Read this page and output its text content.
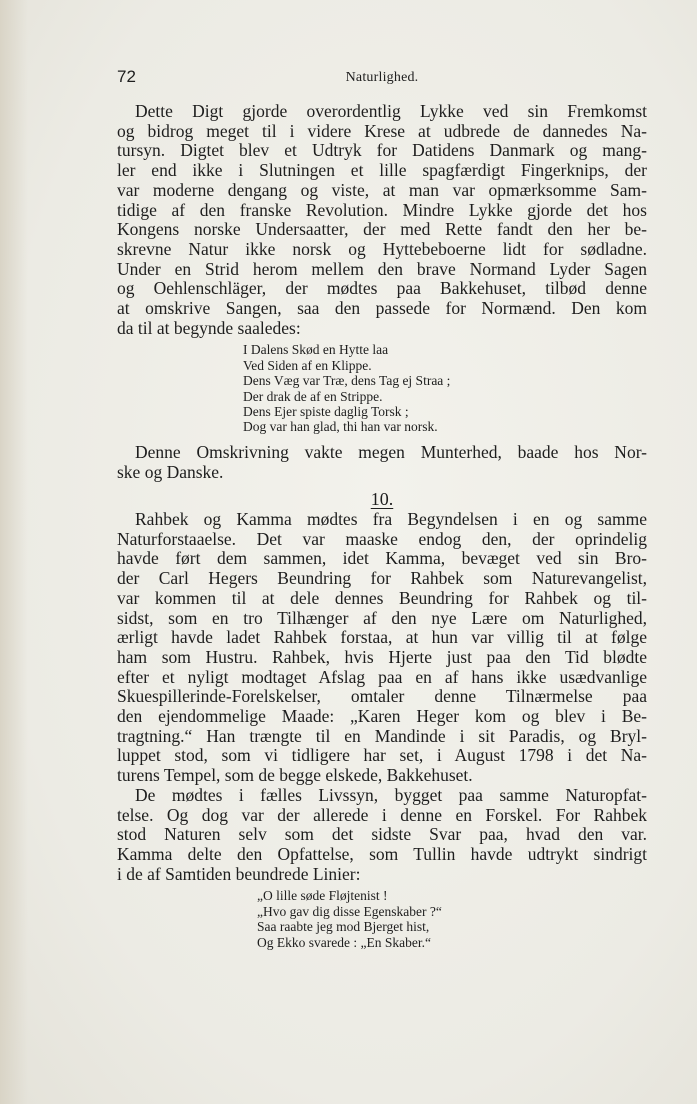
72	Naturlighed.
Dette Digt gjorde overordentlig Lykke ved sin Fremkomst
og bidrog meget til i videre Krese at udbrede de dannedes Na-
tursyn. Digtet blev et Udtryk for Datidens Danmark og mang-
ler end ikke i Slutningen et lille spagfærdigt Fingerknips, der
var moderne dengang og viste, at man var opmærksomme Sam-
tidige af den franske Revolution. Mindre Lykke gjorde det hos
Kongens norske Undersaatter, der med Rette fandt den her be-
skrevne Natur ikke norsk og Hyttebeboerne lidt for sødladne.
Under en Strid herom mellem den brave Normand Lyder Sagen
og Oehlenschläger, der mødtes paa Bakkehuset, tilbød denne
at omskrive Sangen, saa den passede for Normænd. Den kom
da til at begynde saaledes:
I Dalens Skød en Hytte laa
Ved Siden af en Klippe.
Dens Væg var Træ, dens Tag ej Straa ;
Der drak de af en Strippe.
Dens Ejer spiste daglig Torsk ;
Dog var han glad, thi han var norsk.
Denne Omskrivning vakte megen Munterhed, baade hos Nor-
ske og Danske.
10.
Rahbek og Kamma mødtes fra Begyndelsen i en og samme
Naturforstaaelse. Det var maaske endog den, der oprindelig
havde ført dem sammen, idet Kamma, bevæget ved sin Bro-
der Carl Hegers Beundring for Rahbek som Naturevangelist,
var kommen til at dele dennes Beundring for Rahbek og til-
sidst, som en tro Tilhænger af den nye Lære om Naturlighed,
ærligt havde ladet Rahbek forstaa, at hun var villig til at følge
ham som Hustru. Rahbek, hvis Hjerte just paa den Tid blødte
efter et nyligt modtaget Afslag paa en af hans ikke usædvanlige
Skuespillerinde-Forelskelser, omtaler denne Tilnærmelse paa
den ejendommelige Maade: „Karen Heger kom og blev i Be-
tragtning.“ Han trængte til en Mandinde i sit Paradis, og Bryl-
luppet stod, som vi tidligere har set, i August 1798 i det Na-
turens Tempel, som de begge elskede, Bakkehuset.
De mødtes i fælles Livssyn, bygget paa samme Naturopfat-
telse. Og dog var der allerede i denne en Forskel. For Rahbek
stod Naturen selv som det sidste Svar paa, hvad den var.
Kamma delte den Opfattelse, som Tullin havde udtrykt sindrigt
i de af Samtiden beundrede Linier:
„O lille søde Fløjtenist !
„Hvo gav dig disse Egenskaber ?“
Saa raabte jeg mod Bjerget hist,
Og Ekko svarede : „En Skaber.“
